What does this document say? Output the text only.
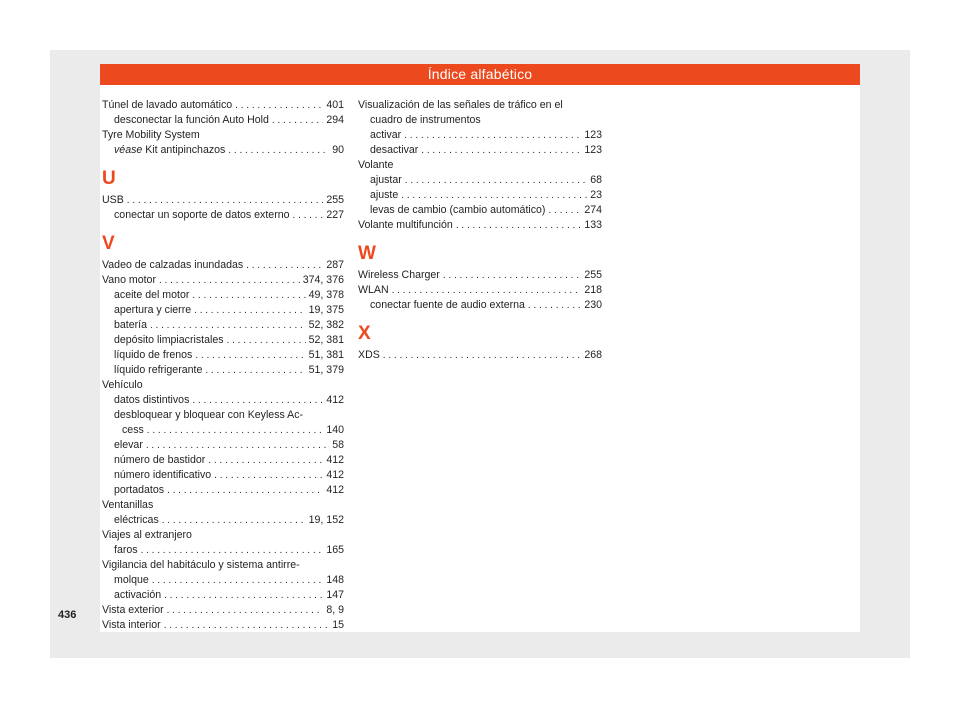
Índice alfabético
Túnel de lavado automático . . .	401
desconectar la función Auto Hold . . .	294
Tyre Mobility System
véase Kit antipinchazos . . .	90
U
USB . . .	255
conectar un soporte de datos externo . . .	227
V
Vadeo de calzadas inundadas . . .	287
Vano motor . . .	374, 376
aceite del motor . . .	49, 378
apertura y cierre . . .	19, 375
batería . . .	52, 382
depósito limpiacristales . . .	52, 381
líquido de frenos . . .	51, 381
líquido refrigerante . . .	51, 379
Vehículo
datos distintivos . . .	412
desbloquear y bloquear con Keyless Ac-
cess . . .	140
elevar . . .	58
número de bastidor . . .	412
número identificativo . . .	412
portadatos . . .	412
Ventanillas
eléctricas . . .	19, 152
Viajes al extranjero
faros . . .	165
Vigilancia del habitáculo y sistema antirre-
molque . . .	148
activación . . .	147
Vista exterior . . .	8, 9
Vista interior . . .	15
Visualización de las señales de tráfico en el
cuadro de instrumentos
activar . . .	123
desactivar . . .	123
Volante
ajustar . . .	68
ajuste . . .	23
levas de cambio (cambio automático) . . .	274
Volante multifunción . . .	133
W
Wireless Charger . . .	255
WLAN . . .	218
conectar fuente de audio externa . . .	230
X
XDS . . .	268
436
